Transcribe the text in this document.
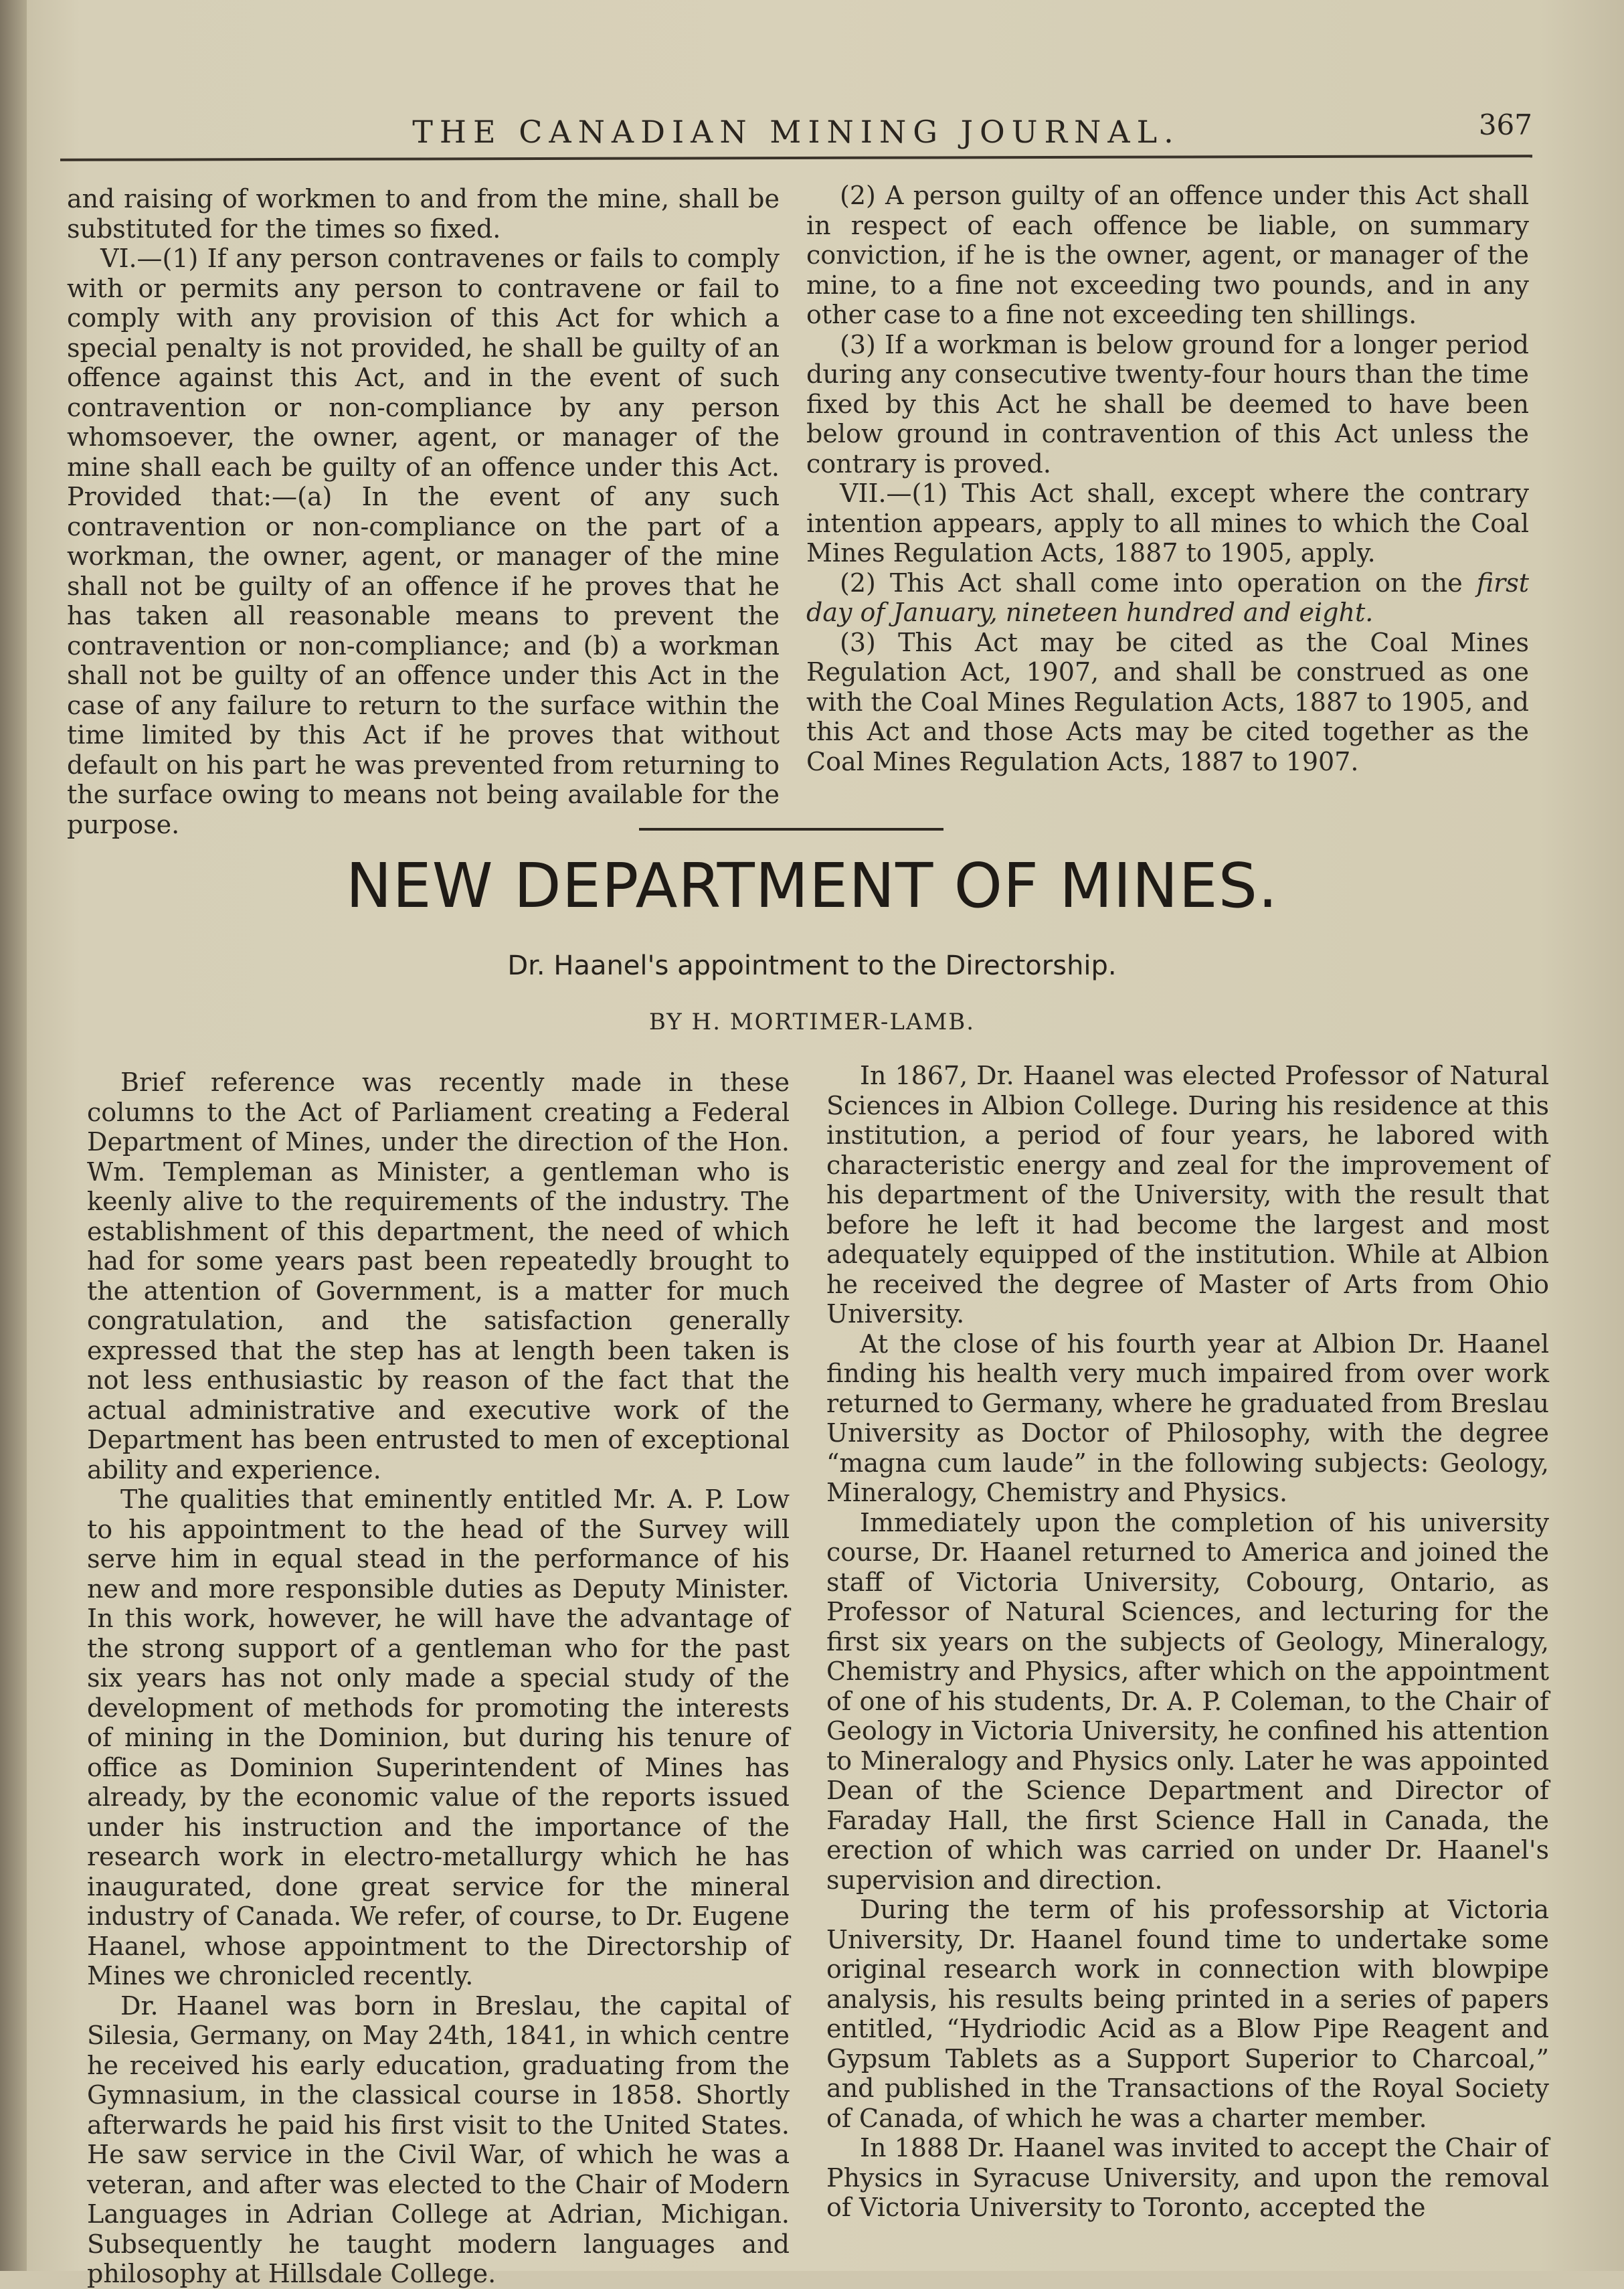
THE CANADIAN MINING JOURNAL.	367

and raising of workmen to and from the mine, shall be substituted for the times so fixed.

VI.—(1) If any person contravenes or fails to comply with or permits any person to contravene or fail to comply with any provision of this Act for which a special penalty is not provided, he shall be guilty of an offence against this Act, and in the event of such contravention or non-compliance by any person whomsoever, the owner, agent, or manager of the mine shall each be guilty of an offence under this Act. Provided that:—(a) In the event of any such contravention or non-compliance on the part of a workman, the owner, agent, or manager of the mine shall not be guilty of an offence if he proves that he has taken all reasonable means to prevent the contravention or non-compliance; and (b) a workman shall not be guilty of an offence under this Act in the case of any failure to return to the surface within the time limited by this Act if he proves that without default on his part he was prevented from returning to the surface owing to means not being available for the purpose.

(2) A person guilty of an offence under this Act shall in respect of each offence be liable, on summary conviction, if he is the owner, agent, or manager of the mine, to a fine not exceeding two pounds, and in any other case to a fine not exceeding ten shillings.

(3) If a workman is below ground for a longer period during any consecutive twenty-four hours than the time fixed by this Act he shall be deemed to have been below ground in contravention of this Act unless the contrary is proved.

VII.—(1) This Act shall, except where the contrary intention appears, apply to all mines to which the Coal Mines Regulation Acts, 1887 to 1905, apply.

(2) This Act shall come into operation on the first day of January, nineteen hundred and eight.

(3) This Act may be cited as the Coal Mines Regulation Act, 1907, and shall be construed as one with the Coal Mines Regulation Acts, 1887 to 1905, and this Act and those Acts may be cited together as the Coal Mines Regulation Acts, 1887 to 1907.

NEW DEPARTMENT OF MINES.
Dr. Haanel's appointment to the Directorship.
BY H. MORTIMER-LAMB.

Brief reference was recently made in these columns to the Act of Parliament creating a Federal Department of Mines, under the direction of the Hon. Wm. Templeman as Minister, a gentleman who is keenly alive to the requirements of the industry. The establishment of this department, the need of which had for some years past been repeatedly brought to the attention of Government, is a matter for much congratulation, and the satisfaction generally expressed that the step has at length been taken is not less enthusiastic by reason of the fact that the actual administrative and executive work of the Department has been entrusted to men of exceptional ability and experience.

The qualities that eminently entitled Mr. A. P. Low to his appointment to the head of the Survey will serve him in equal stead in the performance of his new and more responsible duties as Deputy Minister. In this work, however, he will have the advantage of the strong support of a gentleman who for the past six years has not only made a special study of the development of methods for promoting the interests of mining in the Dominion, but during his tenure of office as Dominion Superintendent of Mines has already, by the economic value of the reports issued under his instruction and the importance of the research work in electro-metallurgy which he has inaugurated, done great service for the mineral industry of Canada. We refer, of course, to Dr. Eugene Haanel, whose appointment to the Directorship of Mines we chronicled recently.

Dr. Haanel was born in Breslau, the capital of Silesia, Germany, on May 24th, 1841, in which centre he received his early education, graduating from the Gymnasium, in the classical course in 1858. Shortly afterwards he paid his first visit to the United States. He saw service in the Civil War, of which he was a veteran, and after was elected to the Chair of Modern Languages in Adrian College at Adrian, Michigan. Subsequently he taught modern languages and philosophy at Hillsdale College.

In 1867, Dr. Haanel was elected Professor of Natural Sciences in Albion College. During his residence at this institution, a period of four years, he labored with characteristic energy and zeal for the improvement of his department of the University, with the result that before he left it had become the largest and most adequately equipped of the institution. While at Albion he received the degree of Master of Arts from Ohio University.

At the close of his fourth year at Albion Dr. Haanel finding his health very much impaired from over work returned to Germany, where he graduated from Breslau University as Doctor of Philosophy, with the degree “magna cum laude” in the following subjects: Geology, Mineralogy, Chemistry and Physics.

Immediately upon the completion of his university course, Dr. Haanel returned to America and joined the staff of Victoria University, Cobourg, Ontario, as Professor of Natural Sciences, and lecturing for the first six years on the subjects of Geology, Mineralogy, Chemistry and Physics, after which on the appointment of one of his students, Dr. A. P. Coleman, to the Chair of Geology in Victoria University, he confined his attention to Mineralogy and Physics only. Later he was appointed Dean of the Science Department and Director of Faraday Hall, the first Science Hall in Canada, the erection of which was carried on under Dr. Haanel's supervision and direction.

During the term of his professorship at Victoria University, Dr. Haanel found time to undertake some original research work in connection with blowpipe analysis, his results being printed in a series of papers entitled, “Hydriodic Acid as a Blow Pipe Reagent and Gypsum Tablets as a Support Superior to Charcoal,” and published in the Transactions of the Royal Society of Canada, of which he was a charter member.

In 1888 Dr. Haanel was invited to accept the Chair of Physics in Syracuse University, and upon the removal of Victoria University to Toronto, accepted the
